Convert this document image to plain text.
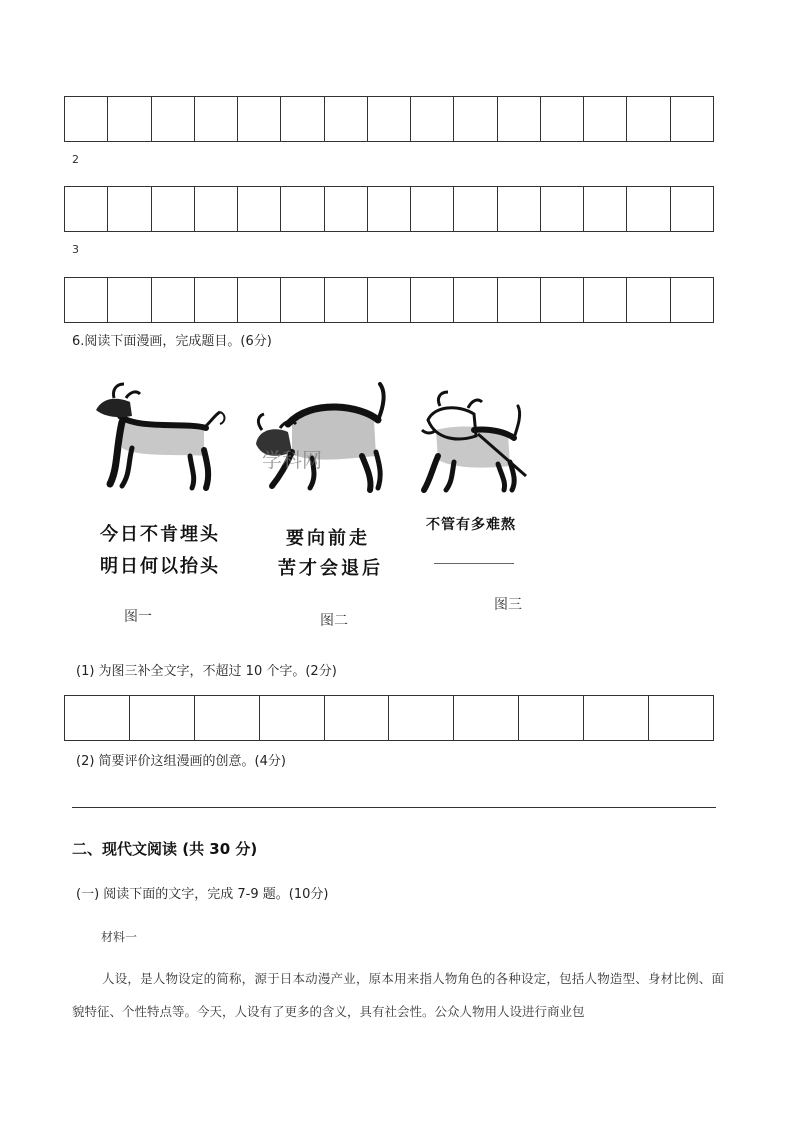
2

3

6.阅读下面漫画，完成题目。(6分)
学科网
今日不肯埋头
明日何以抬头
要向前走
苦才会退后
不管有多难熬
图一	图二
图三
(1) 为图三补全文字，不超过 10 个字。(2分)

(2) 简要评价这组漫画的创意。(4分)
二、现代文阅读 (共 30 分)
(一) 阅读下面的文字，完成 7-9 题。(10分)
材料一
人设，是人物设定的简称，源于日本动漫产业，原本用来指人物角色的各种设定，包括人物造型、身材比例、面貌特征、个性特点等。今天，人设有了更多的含义，具有社会性。公众人物用人设进行商业包
